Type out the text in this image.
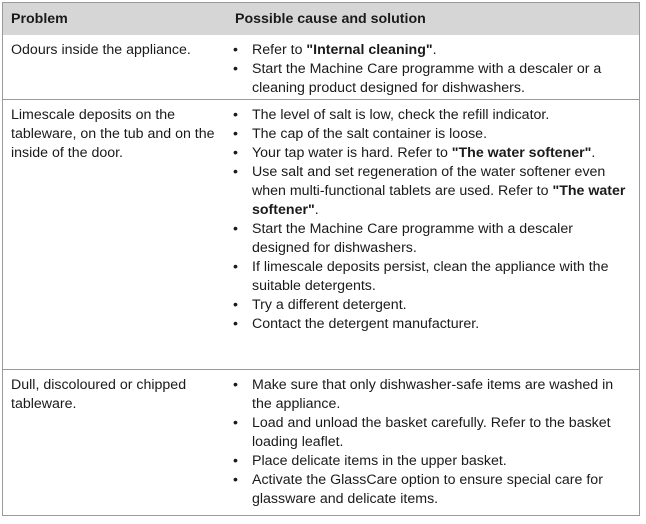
Problem	Possible cause and solution
Odours inside the appliance.	• Refer to "Internal cleaning".
• Start the Machine Care programme with a descaler or a cleaning product designed for dishwashers.
Limescale deposits on the tableware, on the tub and on the inside of the door.
• The level of salt is low, check the refill indicator.
• The cap of the salt container is loose.
• Your tap water is hard. Refer to "The water softener".
• Use salt and set regeneration of the water softener even when multi-functional tablets are used. Refer to "The water softener".
• Start the Machine Care programme with a descaler designed for dishwashers.
• If limescale deposits persist, clean the appliance with the suitable detergents.
• Try a different detergent.
• Contact the detergent manufacturer.
Dull, discoloured or chipped tableware.
• Make sure that only dishwasher-safe items are washed in the appliance.
• Load and unload the basket carefully. Refer to the basket loading leaflet.
• Place delicate items in the upper basket.
• Activate the GlassCare option to ensure special care for glassware and delicate items.
